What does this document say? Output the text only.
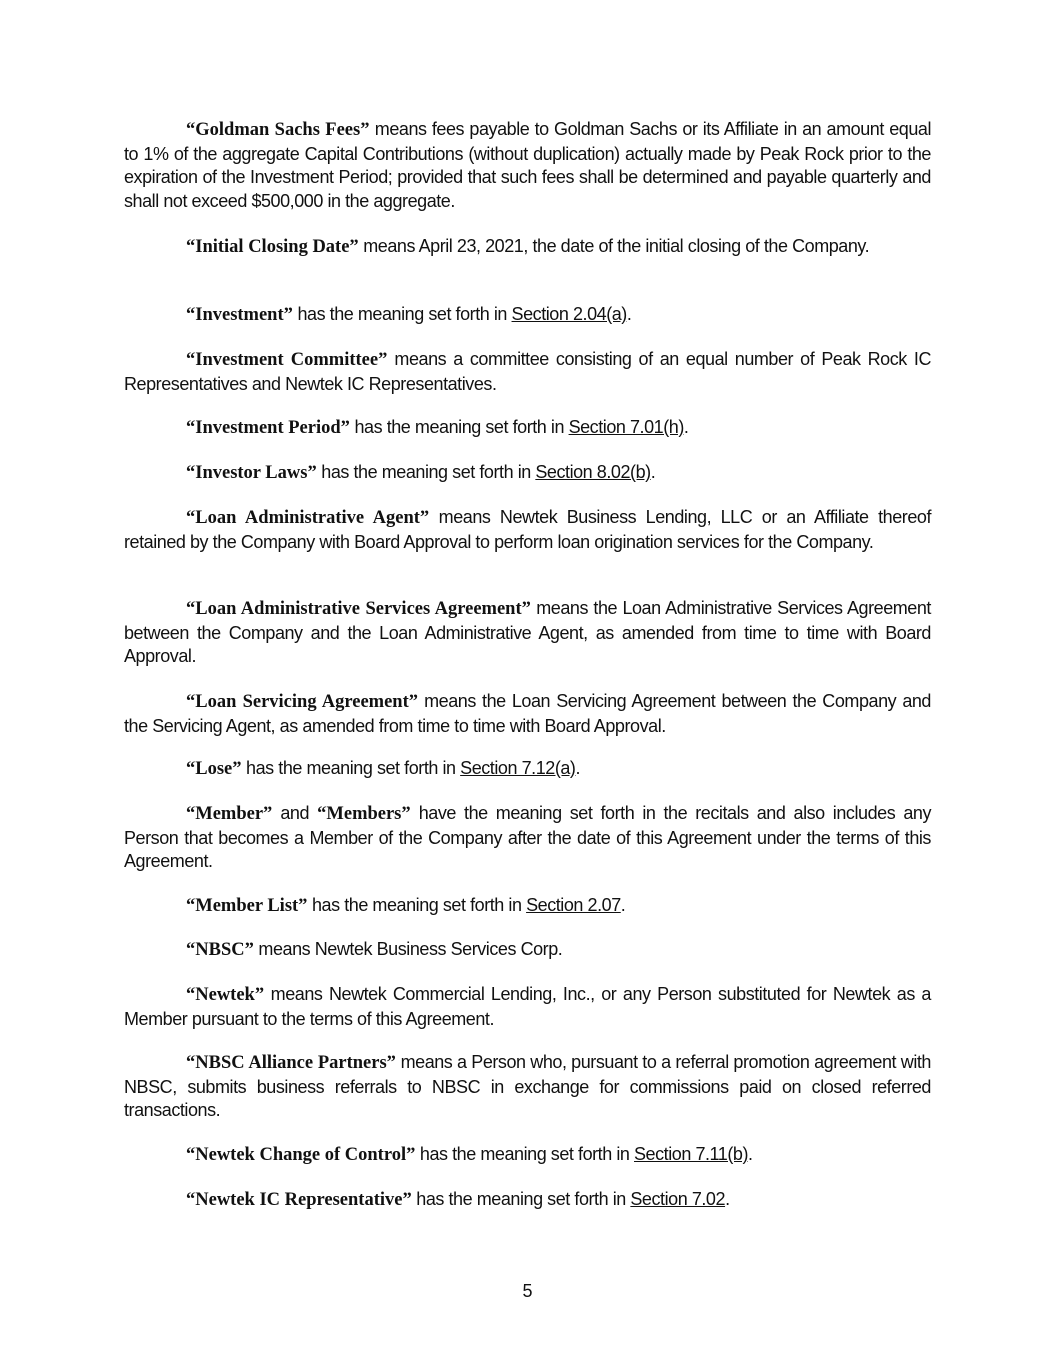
“Goldman Sachs Fees” means fees payable to Goldman Sachs or its Affiliate in an amount equal to 1% of the aggregate Capital Contributions (without duplication) actually made by Peak Rock prior to the expiration of the Investment Period; provided that such fees shall be determined and payable quarterly and shall not exceed $500,000 in the aggregate.
“Initial Closing Date” means April 23, 2021, the date of the initial closing of the Company.
“Investment” has the meaning set forth in Section 2.04(a).
“Investment Committee” means a committee consisting of an equal number of Peak Rock IC Representatives and Newtek IC Representatives.
“Investment Period” has the meaning set forth in Section 7.01(h).
“Investor Laws” has the meaning set forth in Section 8.02(b).
“Loan Administrative Agent” means Newtek Business Lending, LLC or an Affiliate thereof retained by the Company with Board Approval to perform loan origination services for the Company.
“Loan Administrative Services Agreement” means the Loan Administrative Services Agreement between the Company and the Loan Administrative Agent, as amended from time to time with Board Approval.
“Loan Servicing Agreement” means the Loan Servicing Agreement between the Company and the Servicing Agent, as amended from time to time with Board Approval.
“Lose” has the meaning set forth in Section 7.12(a).
“Member” and “Members” have the meaning set forth in the recitals and also includes any Person that becomes a Member of the Company after the date of this Agreement under the terms of this Agreement.
“Member List” has the meaning set forth in Section 2.07.
“NBSC” means Newtek Business Services Corp.
“Newtek” means Newtek Commercial Lending, Inc., or any Person substituted for Newtek as a Member pursuant to the terms of this Agreement.
“NBSC Alliance Partners” means a Person who, pursuant to a referral promotion agreement with NBSC, submits business referrals to NBSC in exchange for commissions paid on closed referred transactions.
“Newtek Change of Control” has the meaning set forth in Section 7.11(b).
“Newtek IC Representative” has the meaning set forth in Section 7.02.
5
